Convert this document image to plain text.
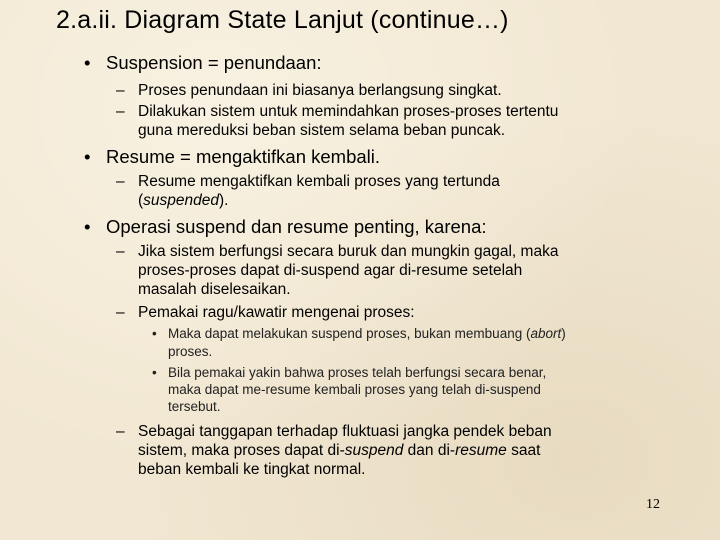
2.a.ii. Diagram State Lanjut (continue…)
• Suspension = penundaan:
– Proses penundaan ini biasanya berlangsung singkat.
– Dilakukan sistem untuk memindahkan proses-proses tertentu
guna mereduksi beban sistem selama beban puncak.
• Resume = mengaktifkan kembali.
– Resume mengaktifkan kembali proses yang tertunda
(suspended).
• Operasi suspend dan resume penting, karena:
– Jika sistem berfungsi secara buruk dan mungkin gagal, maka
proses-proses dapat di-suspend agar di-resume setelah
masalah diselesaikan.
– Pemakai ragu/kawatir mengenai proses:
• Maka dapat melakukan suspend proses, bukan membuang (abort)
proses.
• Bila pemakai yakin bahwa proses telah berfungsi secara benar,
maka dapat me-resume kembali proses yang telah di-suspend
tersebut.
– Sebagai tanggapan terhadap fluktuasi jangka pendek beban
sistem, maka proses dapat di-suspend dan di-resume saat
beban kembali ke tingkat normal.
12
